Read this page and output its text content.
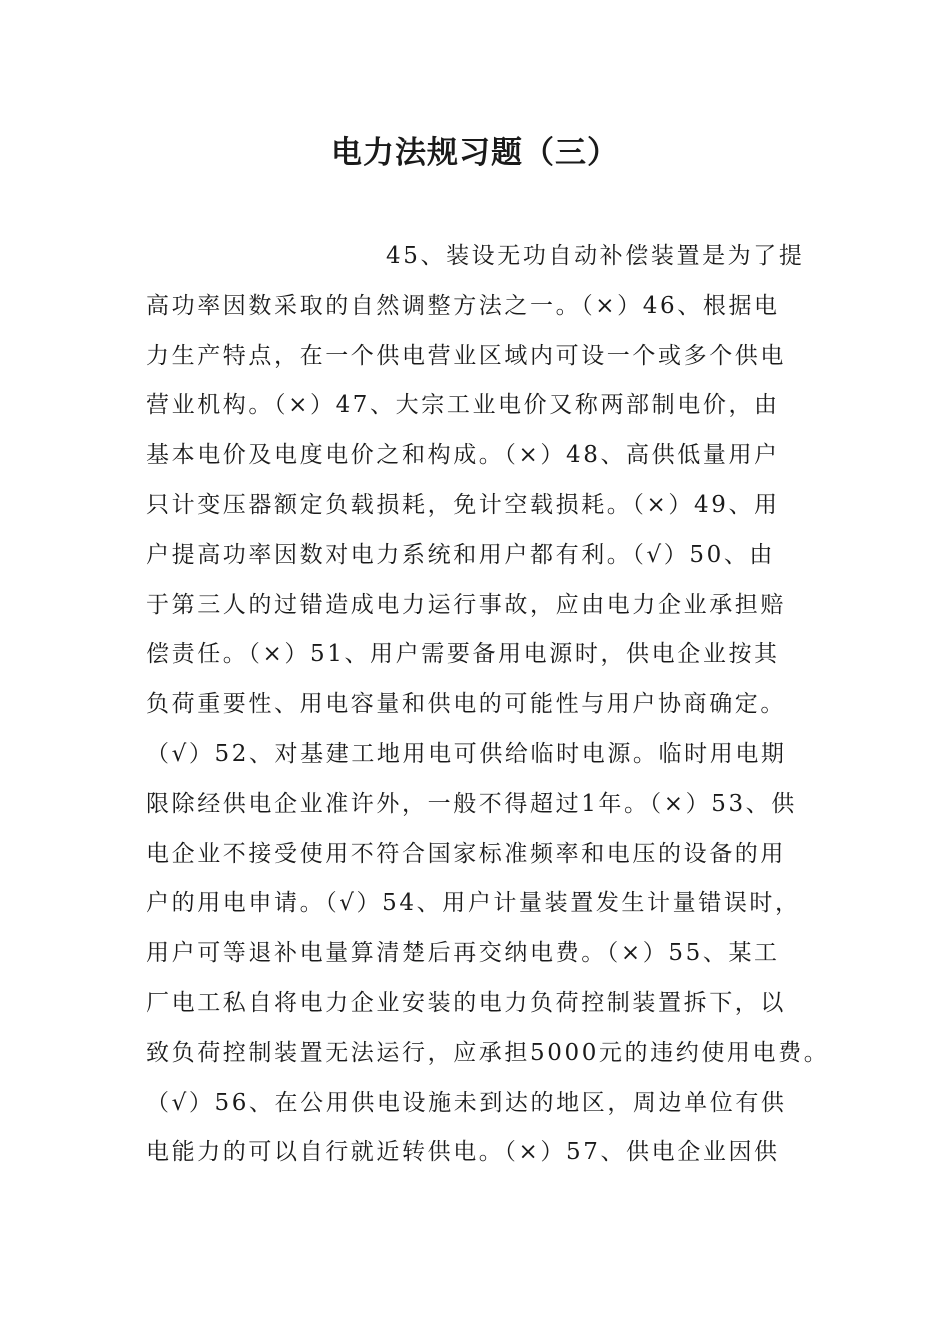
电力法规习题（三）
45、装设无功自动补偿装置是为了提
高功率因数采取的自然调整方法之一。（×）46、根据电
力生产特点，在一个供电营业区域内可设一个或多个供电
营业机构。（×）47、大宗工业电价又称两部制电价，由
基本电价及电度电价之和构成。（×）48、高供低量用户
只计变压器额定负载损耗，免计空载损耗。（×）49、用
户提高功率因数对电力系统和用户都有利。（√）50、由
于第三人的过错造成电力运行事故，应由电力企业承担赔
偿责任。（×）51、用户需要备用电源时，供电企业按其
负荷重要性、用电容量和供电的可能性与用户协商确定。
（√）52、对基建工地用电可供给临时电源。临时用电期
限除经供电企业准许外，一般不得超过1年。（×）53、供
电企业不接受使用不符合国家标准频率和电压的设备的用
户的用电申请。（√）54、用户计量装置发生计量错误时，
用户可等退补电量算清楚后再交纳电费。（×）55、某工
厂电工私自将电力企业安装的电力负荷控制装置拆下，以
致负荷控制装置无法运行，应承担5000元的违约使用电费。
（√）56、在公用供电设施未到达的地区，周边单位有供
电能力的可以自行就近转供电。（×）57、供电企业因供
